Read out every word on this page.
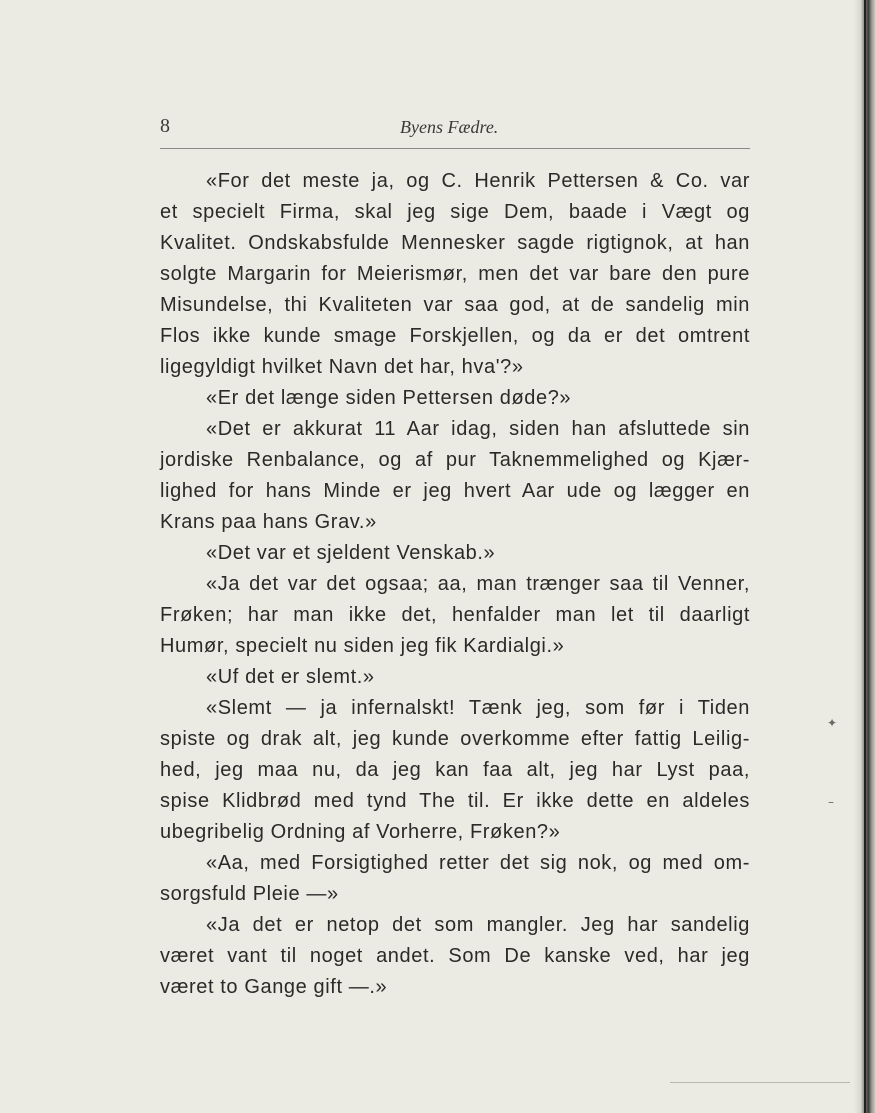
8	Byens Fædre.
«For det meste ja, og C. Henrik Pettersen & Co. var
et specielt Firma, skal jeg sige Dem, baade i Vægt og
Kvalitet. Ondskabsfulde Mennesker sagde rigtignok, at han
solgte Margarin for Meierismør, men det var bare den pure
Misundelse, thi Kvaliteten var saa god, at de sandelig min
Flos ikke kunde smage Forskjellen, og da er det omtrent
ligegyldigt hvilket Navn det har, hva'?»
«Er det længe siden Pettersen døde?»
«Det er akkurat 11 Aar idag, siden han afsluttede sin
jordiske Renbalance, og af pur Taknemmelighed og Kjær-
lighed for hans Minde er jeg hvert Aar ude og lægger en
Krans paa hans Grav.»
«Det var et sjeldent Venskab.»
«Ja det var det ogsaa; aa, man trænger saa til Venner,
Frøken; har man ikke det, henfalder man let til daarligt
Humør, specielt nu siden jeg fik Kardialgi.»
«Uf det er slemt.»
«Slemt — ja infernalskt! Tænk jeg, som før i Tiden
spiste og drak alt, jeg kunde overkomme efter fattig Leilig-
hed, jeg maa nu, da jeg kan faa alt, jeg har Lyst paa,
spise Klidbrød med tynd The til. Er ikke dette en aldeles
ubegribelig Ordning af Vorherre, Frøken?»
«Aa, med Forsigtighed retter det sig nok, og med om-
sorgsfuld Pleie —»
«Ja det er netop det som mangler. Jeg har sandelig
været vant til noget andet. Som De kanske ved, har jeg
været to Gange gift —.»
✦
–
